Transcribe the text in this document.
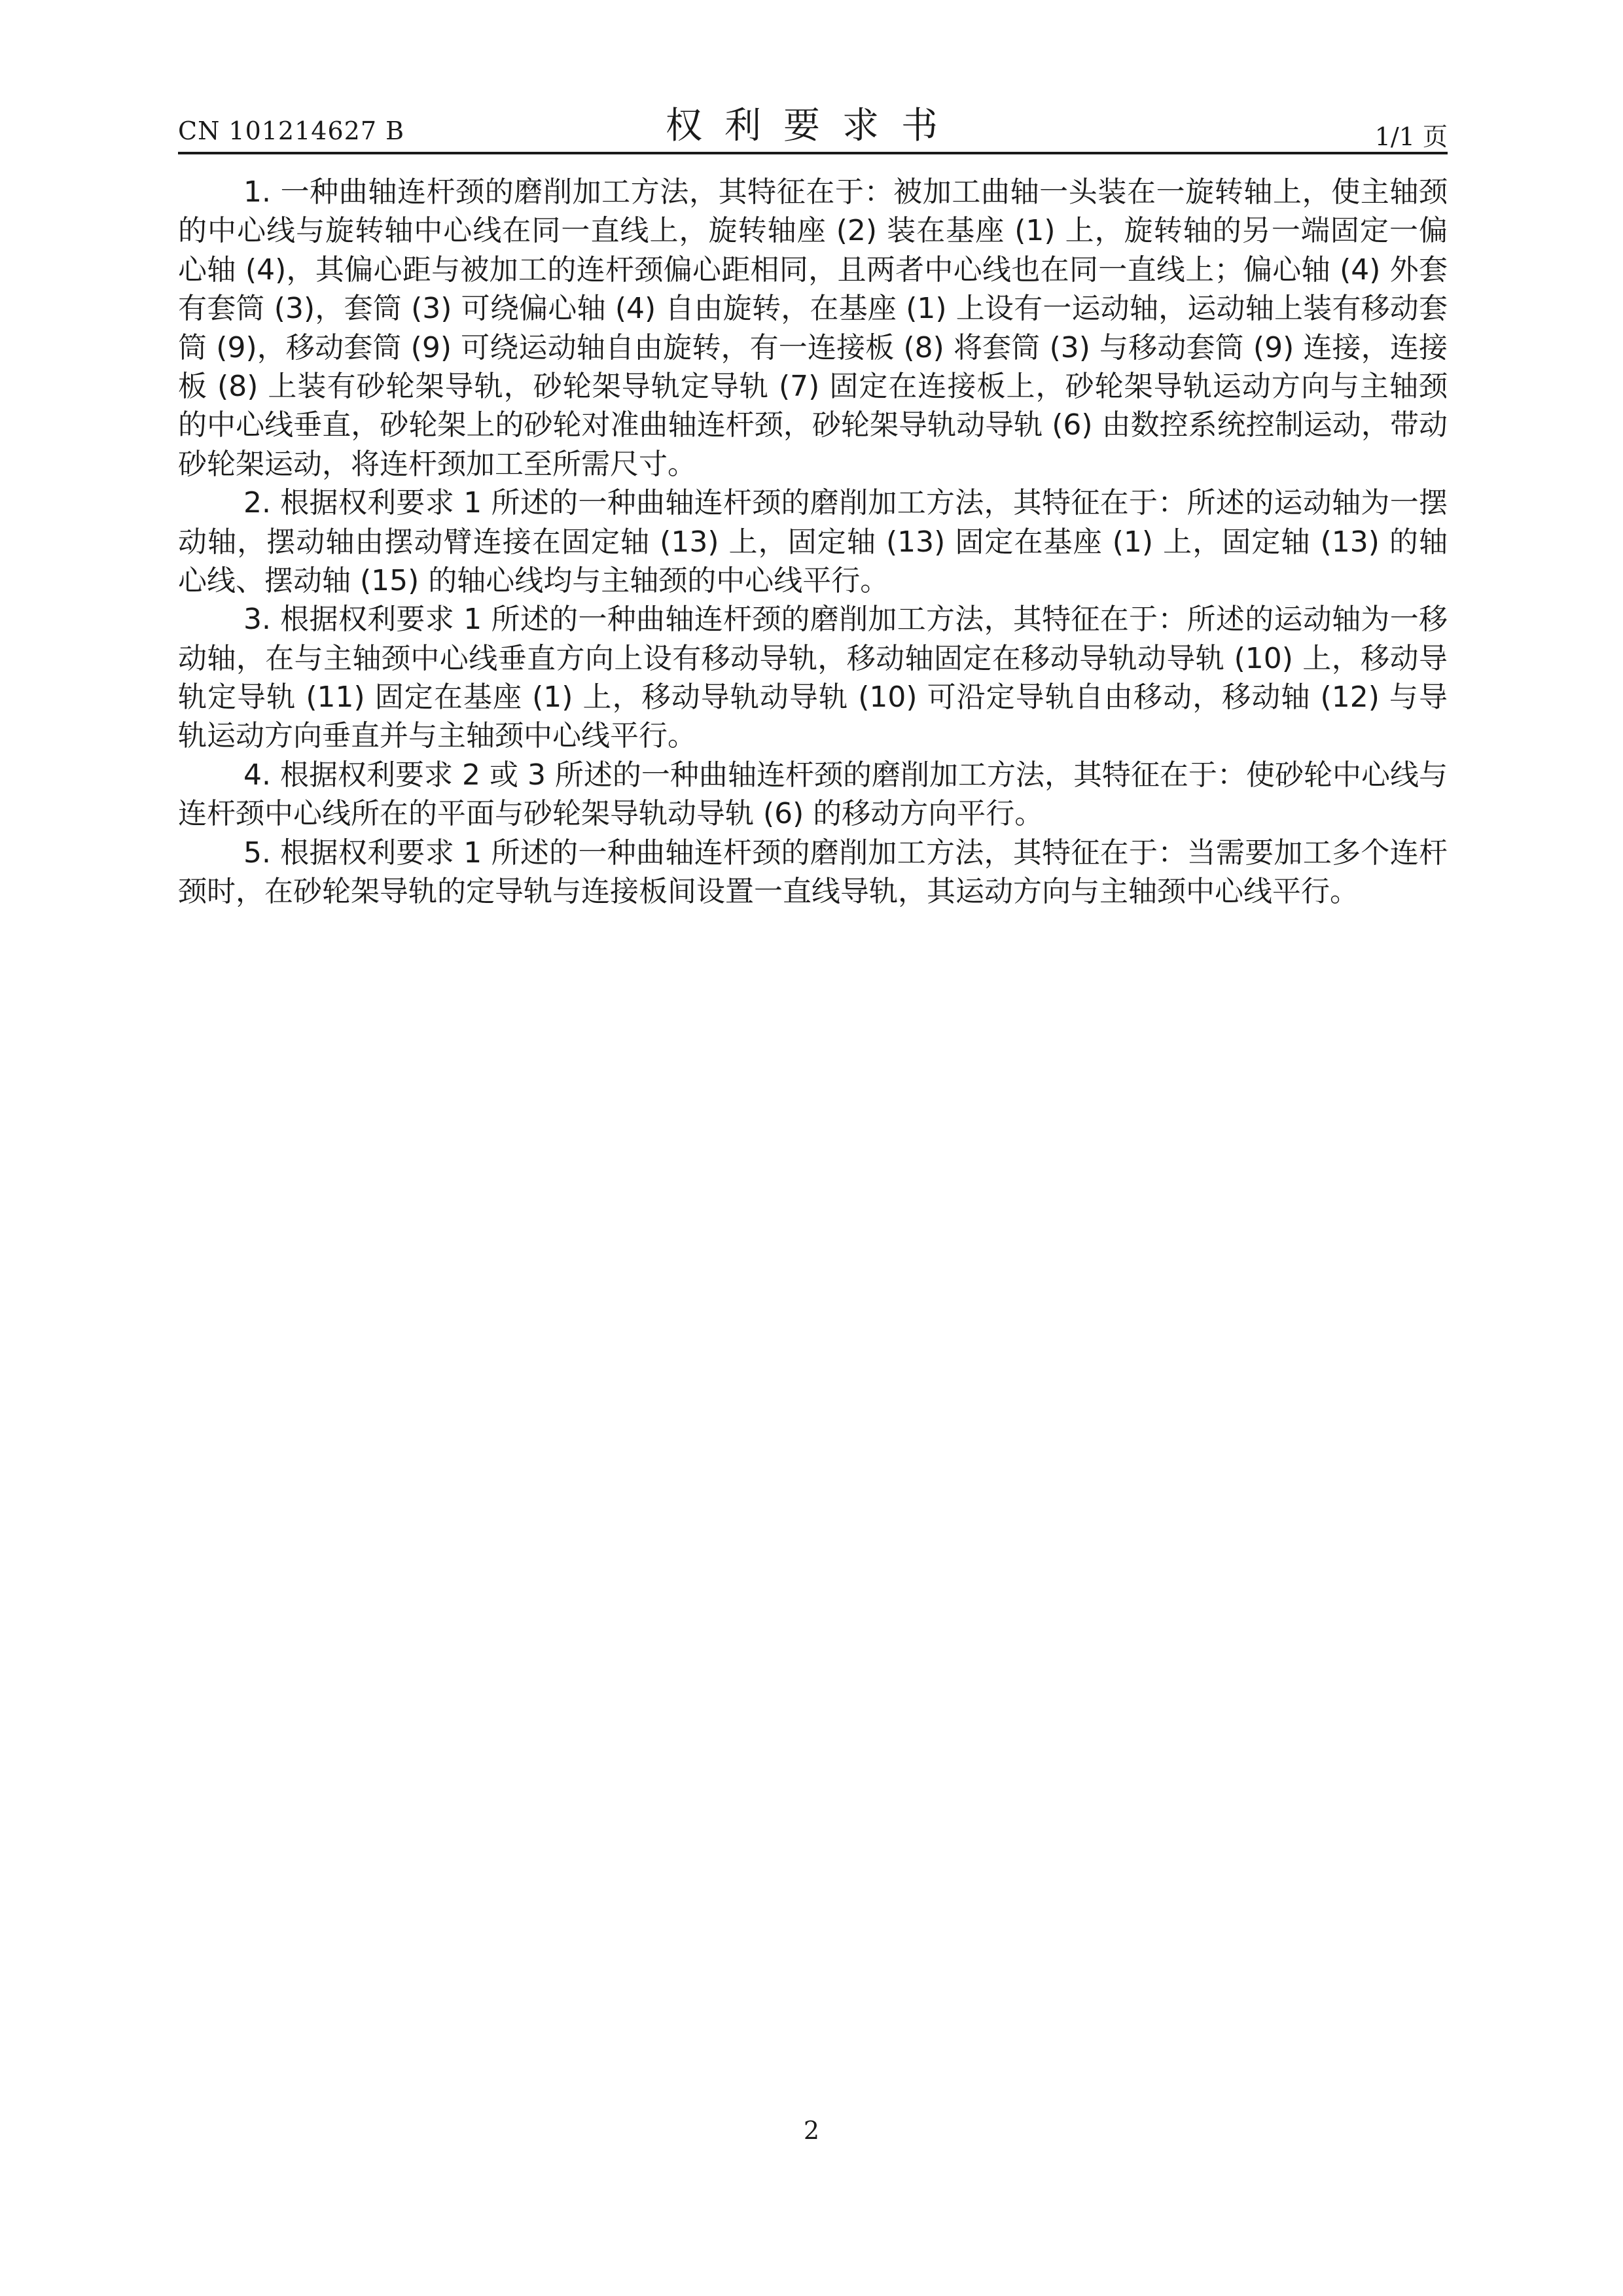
CN 101214627 B	权利要求书	1/1 页

1. 一种曲轴连杆颈的磨削加工方法，其特征在于：被加工曲轴一头装在一旋转轴上，使主轴颈的中心线与旋转轴中心线在同一直线上，旋转轴座 (2) 装在基座 (1) 上，旋转轴的另一端固定一偏心轴 (4)，其偏心距与被加工的连杆颈偏心距相同，且两者中心线也在同一直线上；偏心轴 (4) 外套有套筒 (3)，套筒 (3) 可绕偏心轴 (4) 自由旋转，在基座 (1) 上设有一运动轴，运动轴上装有移动套筒 (9)，移动套筒 (9) 可绕运动轴自由旋转，有一连接板 (8) 将套筒 (3) 与移动套筒 (9) 连接，连接板 (8) 上装有砂轮架导轨，砂轮架导轨定导轨 (7) 固定在连接板上，砂轮架导轨运动方向与主轴颈的中心线垂直，砂轮架上的砂轮对准曲轴连杆颈，砂轮架导轨动导轨 (6) 由数控系统控制运动，带动砂轮架运动，将连杆颈加工至所需尺寸。

2. 根据权利要求 1 所述的一种曲轴连杆颈的磨削加工方法，其特征在于：所述的运动轴为一摆动轴，摆动轴由摆动臂连接在固定轴 (13) 上，固定轴 (13) 固定在基座 (1) 上，固定轴 (13) 的轴心线、摆动轴 (15) 的轴心线均与主轴颈的中心线平行。

3. 根据权利要求 1 所述的一种曲轴连杆颈的磨削加工方法，其特征在于：所述的运动轴为一移动轴，在与主轴颈中心线垂直方向上设有移动导轨，移动轴固定在移动导轨动导轨 (10) 上，移动导轨定导轨 (11) 固定在基座 (1) 上，移动导轨动导轨 (10) 可沿定导轨自由移动，移动轴 (12) 与导轨运动方向垂直并与主轴颈中心线平行。

4. 根据权利要求 2 或 3 所述的一种曲轴连杆颈的磨削加工方法，其特征在于：使砂轮中心线与连杆颈中心线所在的平面与砂轮架导轨动导轨 (6) 的移动方向平行。

5. 根据权利要求 1 所述的一种曲轴连杆颈的磨削加工方法，其特征在于：当需要加工多个连杆颈时，在砂轮架导轨的定导轨与连接板间设置一直线导轨，其运动方向与主轴颈中心线平行。

2
